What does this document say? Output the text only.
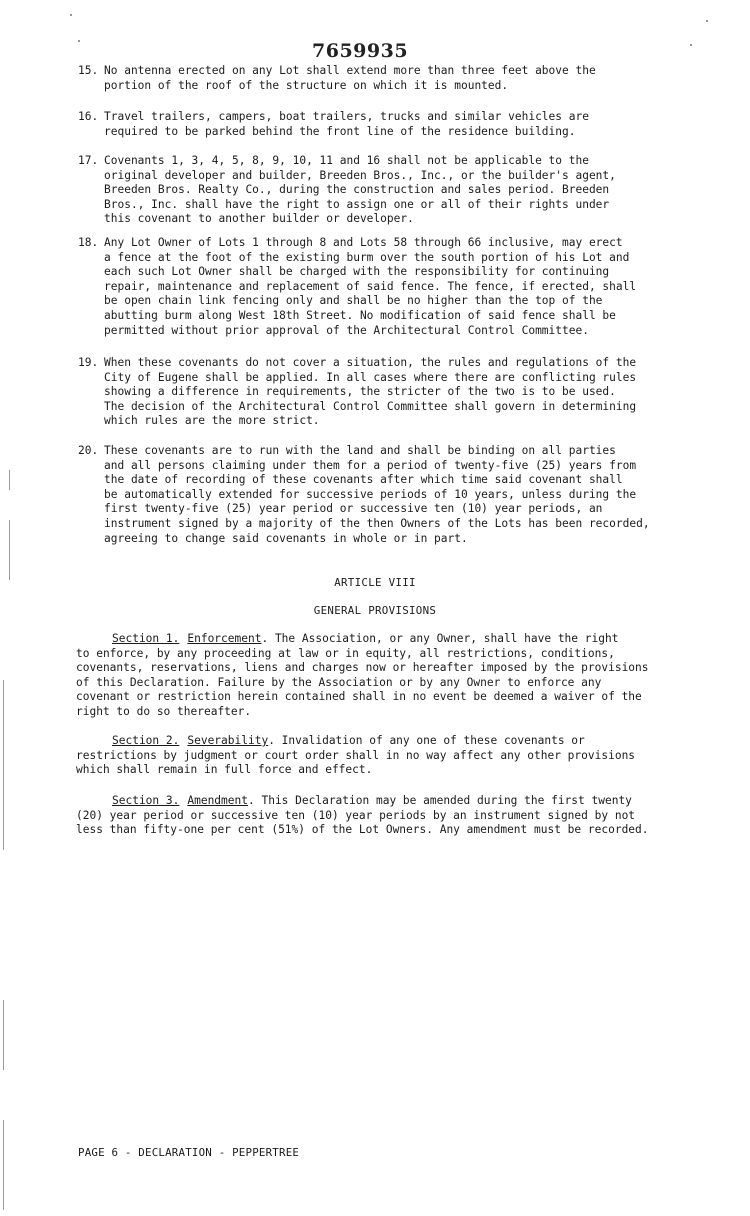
7659935
15. No antenna erected on any Lot shall extend more than three feet above the
portion of the roof of the structure on which it is mounted.
16. Travel trailers, campers, boat trailers, trucks and similar vehicles are
required to be parked behind the front line of the residence building.
17. Covenants 1, 3, 4, 5, 8, 9, 10, 11 and 16 shall not be applicable to the
original developer and builder, Breeden Bros., Inc., or the builder's agent,
Breeden Bros. Realty Co., during the construction and sales period. Breeden
Bros., Inc. shall have the right to assign one or all of their rights under
this covenant to another builder or developer.
18. Any Lot Owner of Lots 1 through 8 and Lots 58 through 66 inclusive, may erect
a fence at the foot of the existing burm over the south portion of his Lot and
each such Lot Owner shall be charged with the responsibility for continuing
repair, maintenance and replacement of said fence. The fence, if erected, shall
be open chain link fencing only and shall be no higher than the top of the
abutting burm along West 18th Street. No modification of said fence shall be
permitted without prior approval of the Architectural Control Committee.
19. When these covenants do not cover a situation, the rules and regulations of the
City of Eugene shall be applied. In all cases where there are conflicting rules
showing a difference in requirements, the stricter of the two is to be used.
The decision of the Architectural Control Committee shall govern in determining
which rules are the more strict.
20. These covenants are to run with the land and shall be binding on all parties
and all persons claiming under them for a period of twenty-five (25) years from
the date of recording of these covenants after which time said covenant shall
be automatically extended for successive periods of 10 years, unless during the
first twenty-five (25) year period or successive ten (10) year periods, an
instrument signed by a majority of the then Owners of the Lots has been recorded,
agreeing to change said covenants in whole or in part.
ARTICLE VIII
GENERAL PROVISIONS
Section 1. Enforcement. The Association, or any Owner, shall have the right
to enforce, by any proceeding at law or in equity, all restrictions, conditions,
covenants, reservations, liens and charges now or hereafter imposed by the provisions
of this Declaration. Failure by the Association or by any Owner to enforce any
covenant or restriction herein contained shall in no event be deemed a waiver of the
right to do so thereafter.
Section 2. Severability. Invalidation of any one of these covenants or
restrictions by judgment or court order shall in no way affect any other provisions
which shall remain in full force and effect.
Section 3. Amendment. This Declaration may be amended during the first twenty
(20) year period or successive ten (10) year periods by an instrument signed by not
less than fifty-one per cent (51%) of the Lot Owners. Any amendment must be recorded.
PAGE 6 - DECLARATION - PEPPERTREE
